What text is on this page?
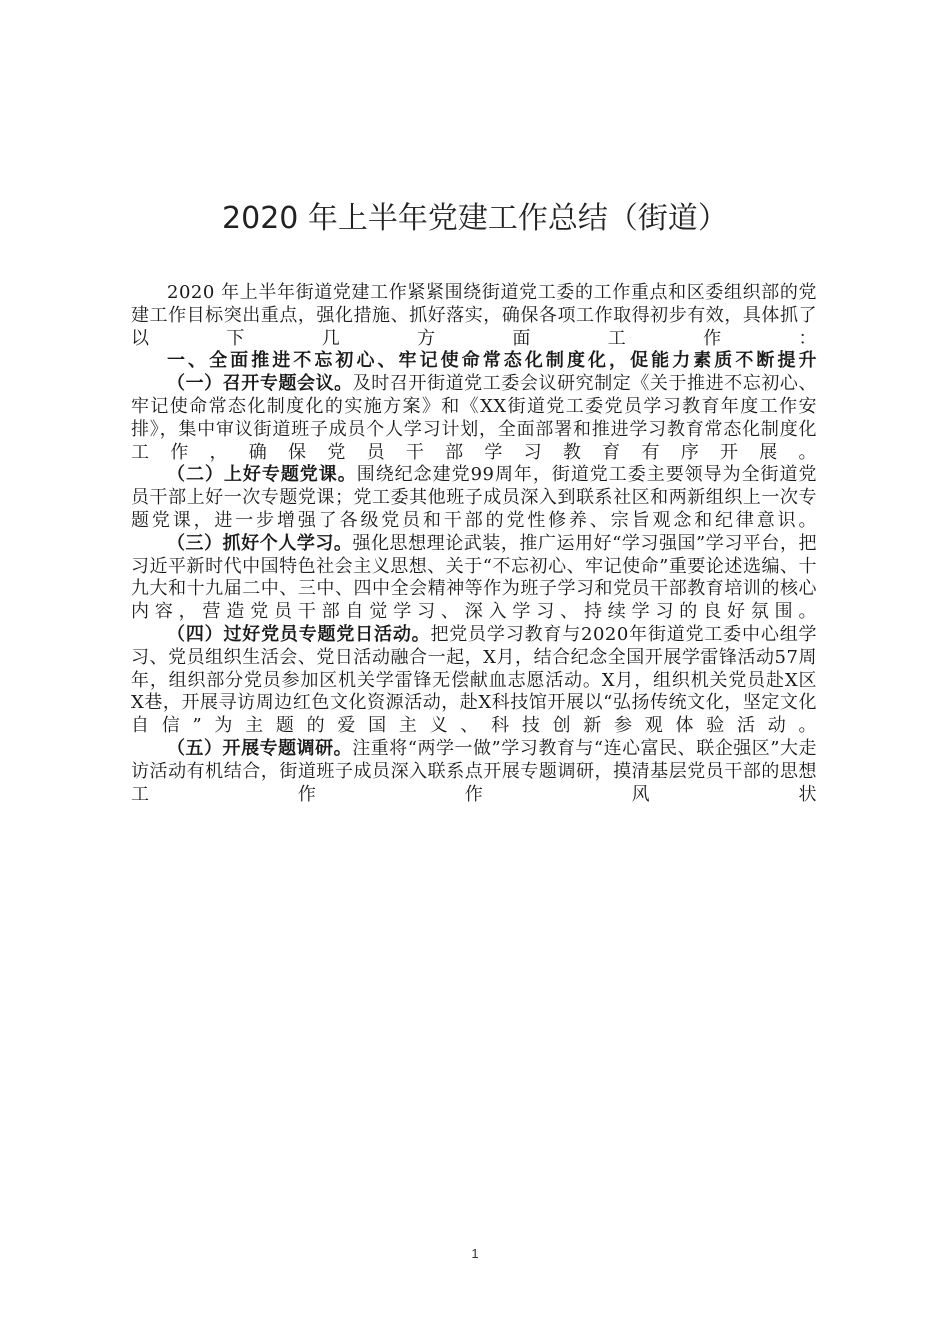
2020 年上半年党建工作总结（街道）

2020 年上半年街道党建工作紧紧围绕街道党工委的工作重点和区委组织部的党建工作目标突出重点，强化措施、抓好落实，确保各项工作取得初步有效，具体抓了以下几方面工作：

一、全面推进不忘初心、牢记使命常态化制度化，促能力素质不断提升

（一）召开专题会议。及时召开街道党工委会议研究制定《关于推进不忘初心、牢记使命常态化制度化的实施方案》和《XX街道党工委党员学习教育年度工作安排》，集中审议街道班子成员个人学习计划，全面部署和推进学习教育常态化制度化工作，确保党员干部学习教育有序开展。

（二）上好专题党课。围绕纪念建党99周年，街道党工委主要领导为全街道党员干部上好一次专题党课；党工委其他班子成员深入到联系社区和两新组织上一次专题党课，进一步增强了各级党员和干部的党性修养、宗旨观念和纪律意识。

（三）抓好个人学习。强化思想理论武装，推广运用好“学习强国”学习平台，把习近平新时代中国特色社会主义思想、关于“不忘初心、牢记使命”重要论述选编、十九大和十九届二中、三中、四中全会精神等作为班子学习和党员干部教育培训的核心内容，营造党员干部自觉学习、深入学习、持续学习的良好氛围。

（四）过好党员专题党日活动。把党员学习教育与2020年街道党工委中心组学习、党员组织生活会、党日活动融合一起，X月，结合纪念全国开展学雷锋活动57周年，组织部分党员参加区机关学雷锋无偿献血志愿活动。X月，组织机关党员赴X区X巷，开展寻访周边红色文化资源活动，赴X科技馆开展以“弘扬传统文化，坚定文化自信”为主题的爱国主义、科技创新参观体验活动。

（五）开展专题调研。注重将“两学一做”学习教育与“连心富民、联企强区”大走访活动有机结合，街道班子成员深入联系点开展专题调研，摸清基层党员干部的思想工作作风状

1
